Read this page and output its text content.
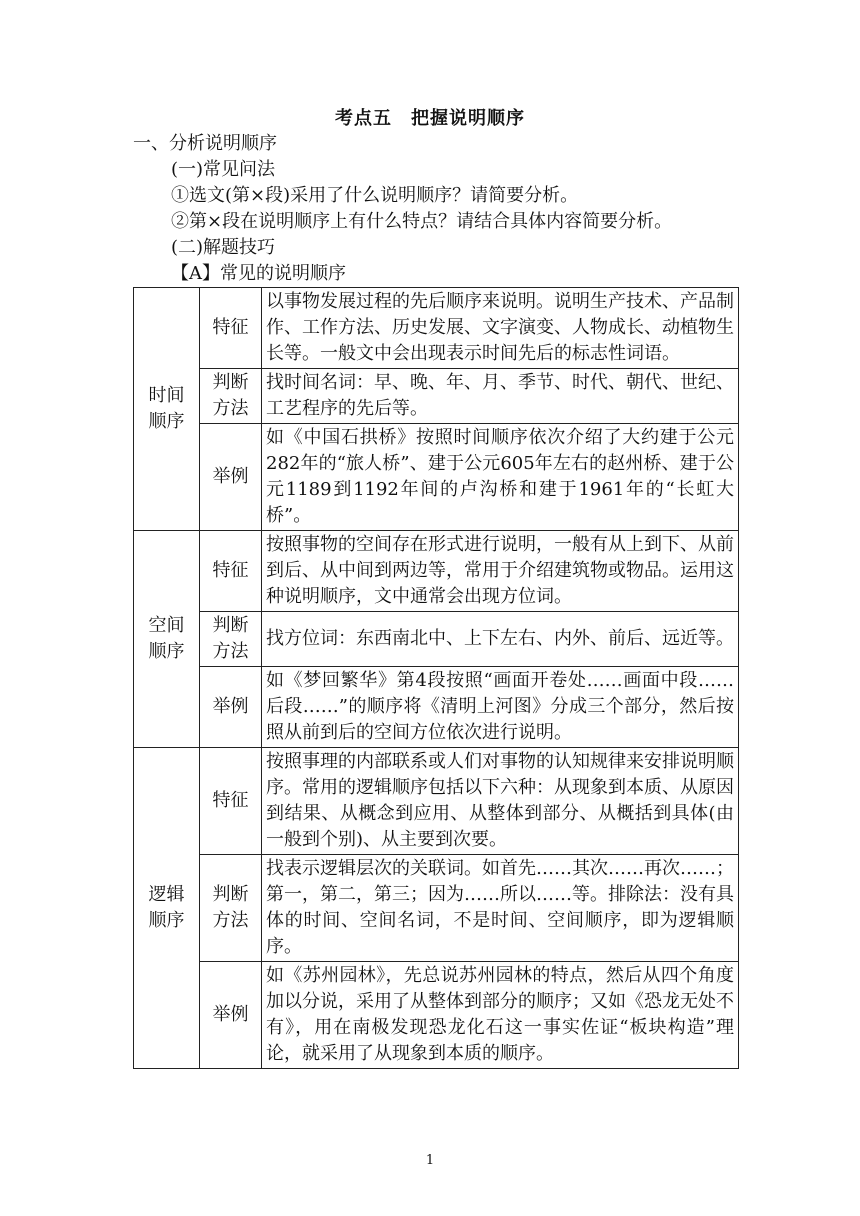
考点五　把握说明顺序
一、分析说明顺序
(一)常见问法
①选文(第×段)采用了什么说明顺序？请简要分析。
②第×段在说明顺序上有什么特点？请结合具体内容简要分析。
(二)解题技巧
【A】常见的说明顺序
时间
顺序	特征	以事物发展过程的先后顺序来说明。说明生产技术、产品制作、工作方法、历史发展、文字演变、人物成长、动植物生长等。一般文中会出现表示时间先后的标志性词语。
	判断
方法	找时间名词：早、晚、年、月、季节、时代、朝代、世纪、工艺程序的先后等。
	举例	如《中国石拱桥》按照时间顺序依次介绍了大约建于公元282年的“旅人桥”、建于公元605年左右的赵州桥、建于公元1189到1192年间的卢沟桥和建于1961年的“长虹大桥”。
空间
顺序	特征	按照事物的空间存在形式进行说明，一般有从上到下、从前到后、从中间到两边等，常用于介绍建筑物或物品。运用这种说明顺序，文中通常会出现方位词。
	判断
方法	找方位词：东西南北中、上下左右、内外、前后、远近等。
	举例	如《梦回繁华》第4段按照“画面开卷处……画面中段……后段……”的顺序将《清明上河图》分成三个部分，然后按照从前到后的空间方位依次进行说明。
逻辑
顺序	特征	按照事理的内部联系或人们对事物的认知规律来安排说明顺序。常用的逻辑顺序包括以下六种：从现象到本质、从原因到结果、从概念到应用、从整体到部分、从概括到具体(由一般到个别)、从主要到次要。
	判断
方法	找表示逻辑层次的关联词。如首先……其次……再次……；第一，第二，第三；因为……所以……等。排除法：没有具体的时间、空间名词，不是时间、空间顺序，即为逻辑顺序。
	举例	如《苏州园林》，先总说苏州园林的特点，然后从四个角度加以分说，采用了从整体到部分的顺序；又如《恐龙无处不有》，用在南极发现恐龙化石这一事实佐证“板块构造”理论，就采用了从现象到本质的顺序。
1
